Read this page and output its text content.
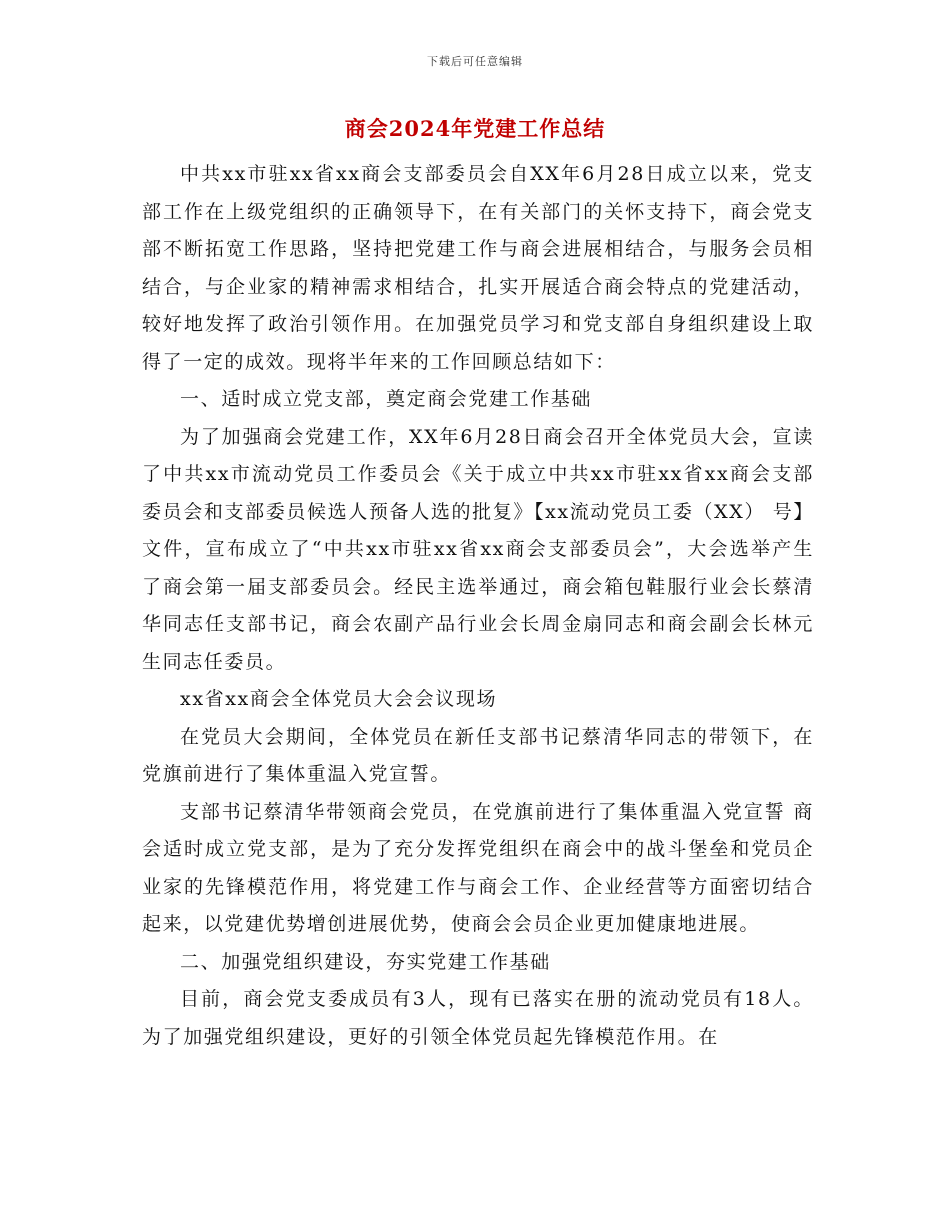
下载后可任意编辑
商会2024年党建工作总结

中共xx市驻xx省xx商会支部委员会自XX年6月28日成立以来，党支部工作在上级党组织的正确领导下，在有关部门的关怀支持下，商会党支部不断拓宽工作思路，坚持把党建工作与商会进展相结合，与服务会员相结合，与企业家的精神需求相结合，扎实开展适合商会特点的党建活动，较好地发挥了政治引领作用。在加强党员学习和党支部自身组织建设上取得了一定的成效。现将半年来的工作回顾总结如下：

一、适时成立党支部，奠定商会党建工作基础

为了加强商会党建工作，XX年6月28日商会召开全体党员大会，宣读了中共xx市流动党员工作委员会《关于成立中共xx市驻xx省xx商会支部委员会和支部委员候选人预备人选的批复》【xx流动党员工委（XX） 号】文件，宣布成立了“中共xx市驻xx省xx商会支部委员会”，大会选举产生了商会第一届支部委员会。经民主选举通过，商会箱包鞋服行业会长蔡清华同志任支部书记，商会农副产品行业会长周金扇同志和商会副会长林元生同志任委员。

xx省xx商会全体党员大会会议现场

在党员大会期间，全体党员在新任支部书记蔡清华同志的带领下，在党旗前进行了集体重温入党宣誓。

支部书记蔡清华带领商会党员，在党旗前进行了集体重温入党宣誓 商会适时成立党支部，是为了充分发挥党组织在商会中的战斗堡垒和党员企业家的先锋模范作用，将党建工作与商会工作、企业经营等方面密切结合起来，以党建优势增创进展优势，使商会会员企业更加健康地进展。

二、加强党组织建设，夯实党建工作基础

目前，商会党支委成员有3人，现有已落实在册的流动党员有18人。为了加强党组织建设，更好的引领全体党员起先锋模范作用。在
